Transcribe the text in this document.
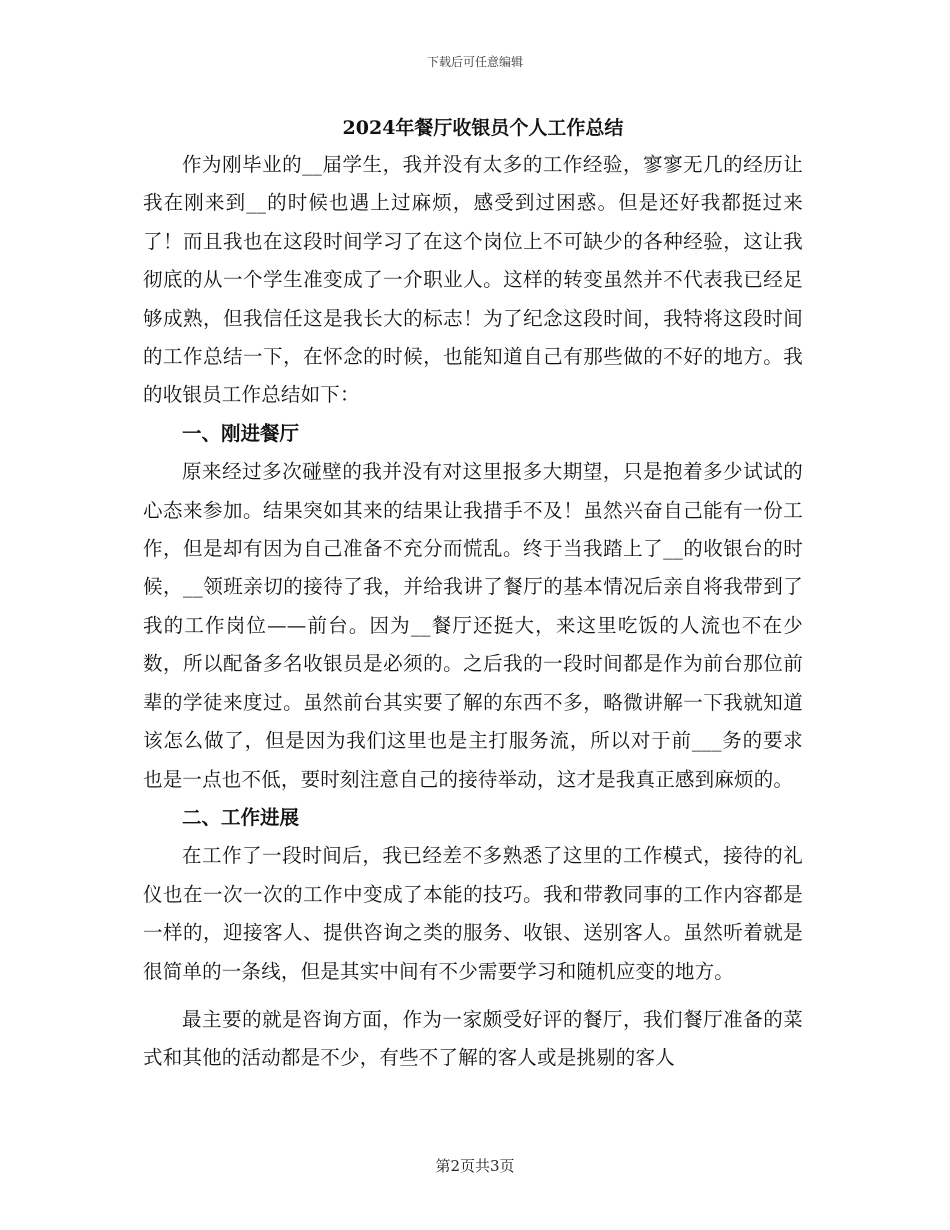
下载后可任意编辑
2024年餐厅收银员个人工作总结

作为刚毕业的__届学生，我并没有太多的工作经验，寥寥无几的经历让我在刚来到__的时候也遇上过麻烦，感受到过困惑。但是还好我都挺过来了！而且我也在这段时间学习了在这个岗位上不可缺少的各种经验，这让我彻底的从一个学生准变成了一介职业人。这样的转变虽然并不代表我已经足够成熟，但我信任这是我长大的标志！为了纪念这段时间，我特将这段时间的工作总结一下，在怀念的时候，也能知道自己有那些做的不好的地方。我的收银员工作总结如下：

一、刚进餐厅

原来经过多次碰壁的我并没有对这里报多大期望，只是抱着多少试试的心态来参加。结果突如其来的结果让我措手不及！虽然兴奋自己能有一份工作，但是却有因为自己准备不充分而慌乱。终于当我踏上了__的收银台的时候，__领班亲切的接待了我，并给我讲了餐厅的基本情况后亲自将我带到了我的工作岗位——前台。因为__餐厅还挺大，来这里吃饭的人流也不在少数，所以配备多名收银员是必须的。之后我的一段时间都是作为前台那位前辈的学徒来度过。虽然前台其实要了解的东西不多，略微讲解一下我就知道该怎么做了，但是因为我们这里也是主打服务流，所以对于前___务的要求也是一点也不低，要时刻注意自己的接待举动，这才是我真正感到麻烦的。

二、工作进展

在工作了一段时间后，我已经差不多熟悉了这里的工作模式，接待的礼仪也在一次一次的工作中变成了本能的技巧。我和带教同事的工作内容都是一样的，迎接客人、提供咨询之类的服务、收银、送别客人。虽然听着就是很简单的一条线，但是其实中间有不少需要学习和随机应变的地方。

最主要的就是咨询方面，作为一家颇受好评的餐厅，我们餐厅准备的菜式和其他的活动都是不少，有些不了解的客人或是挑剔的客人

第2页共3页
